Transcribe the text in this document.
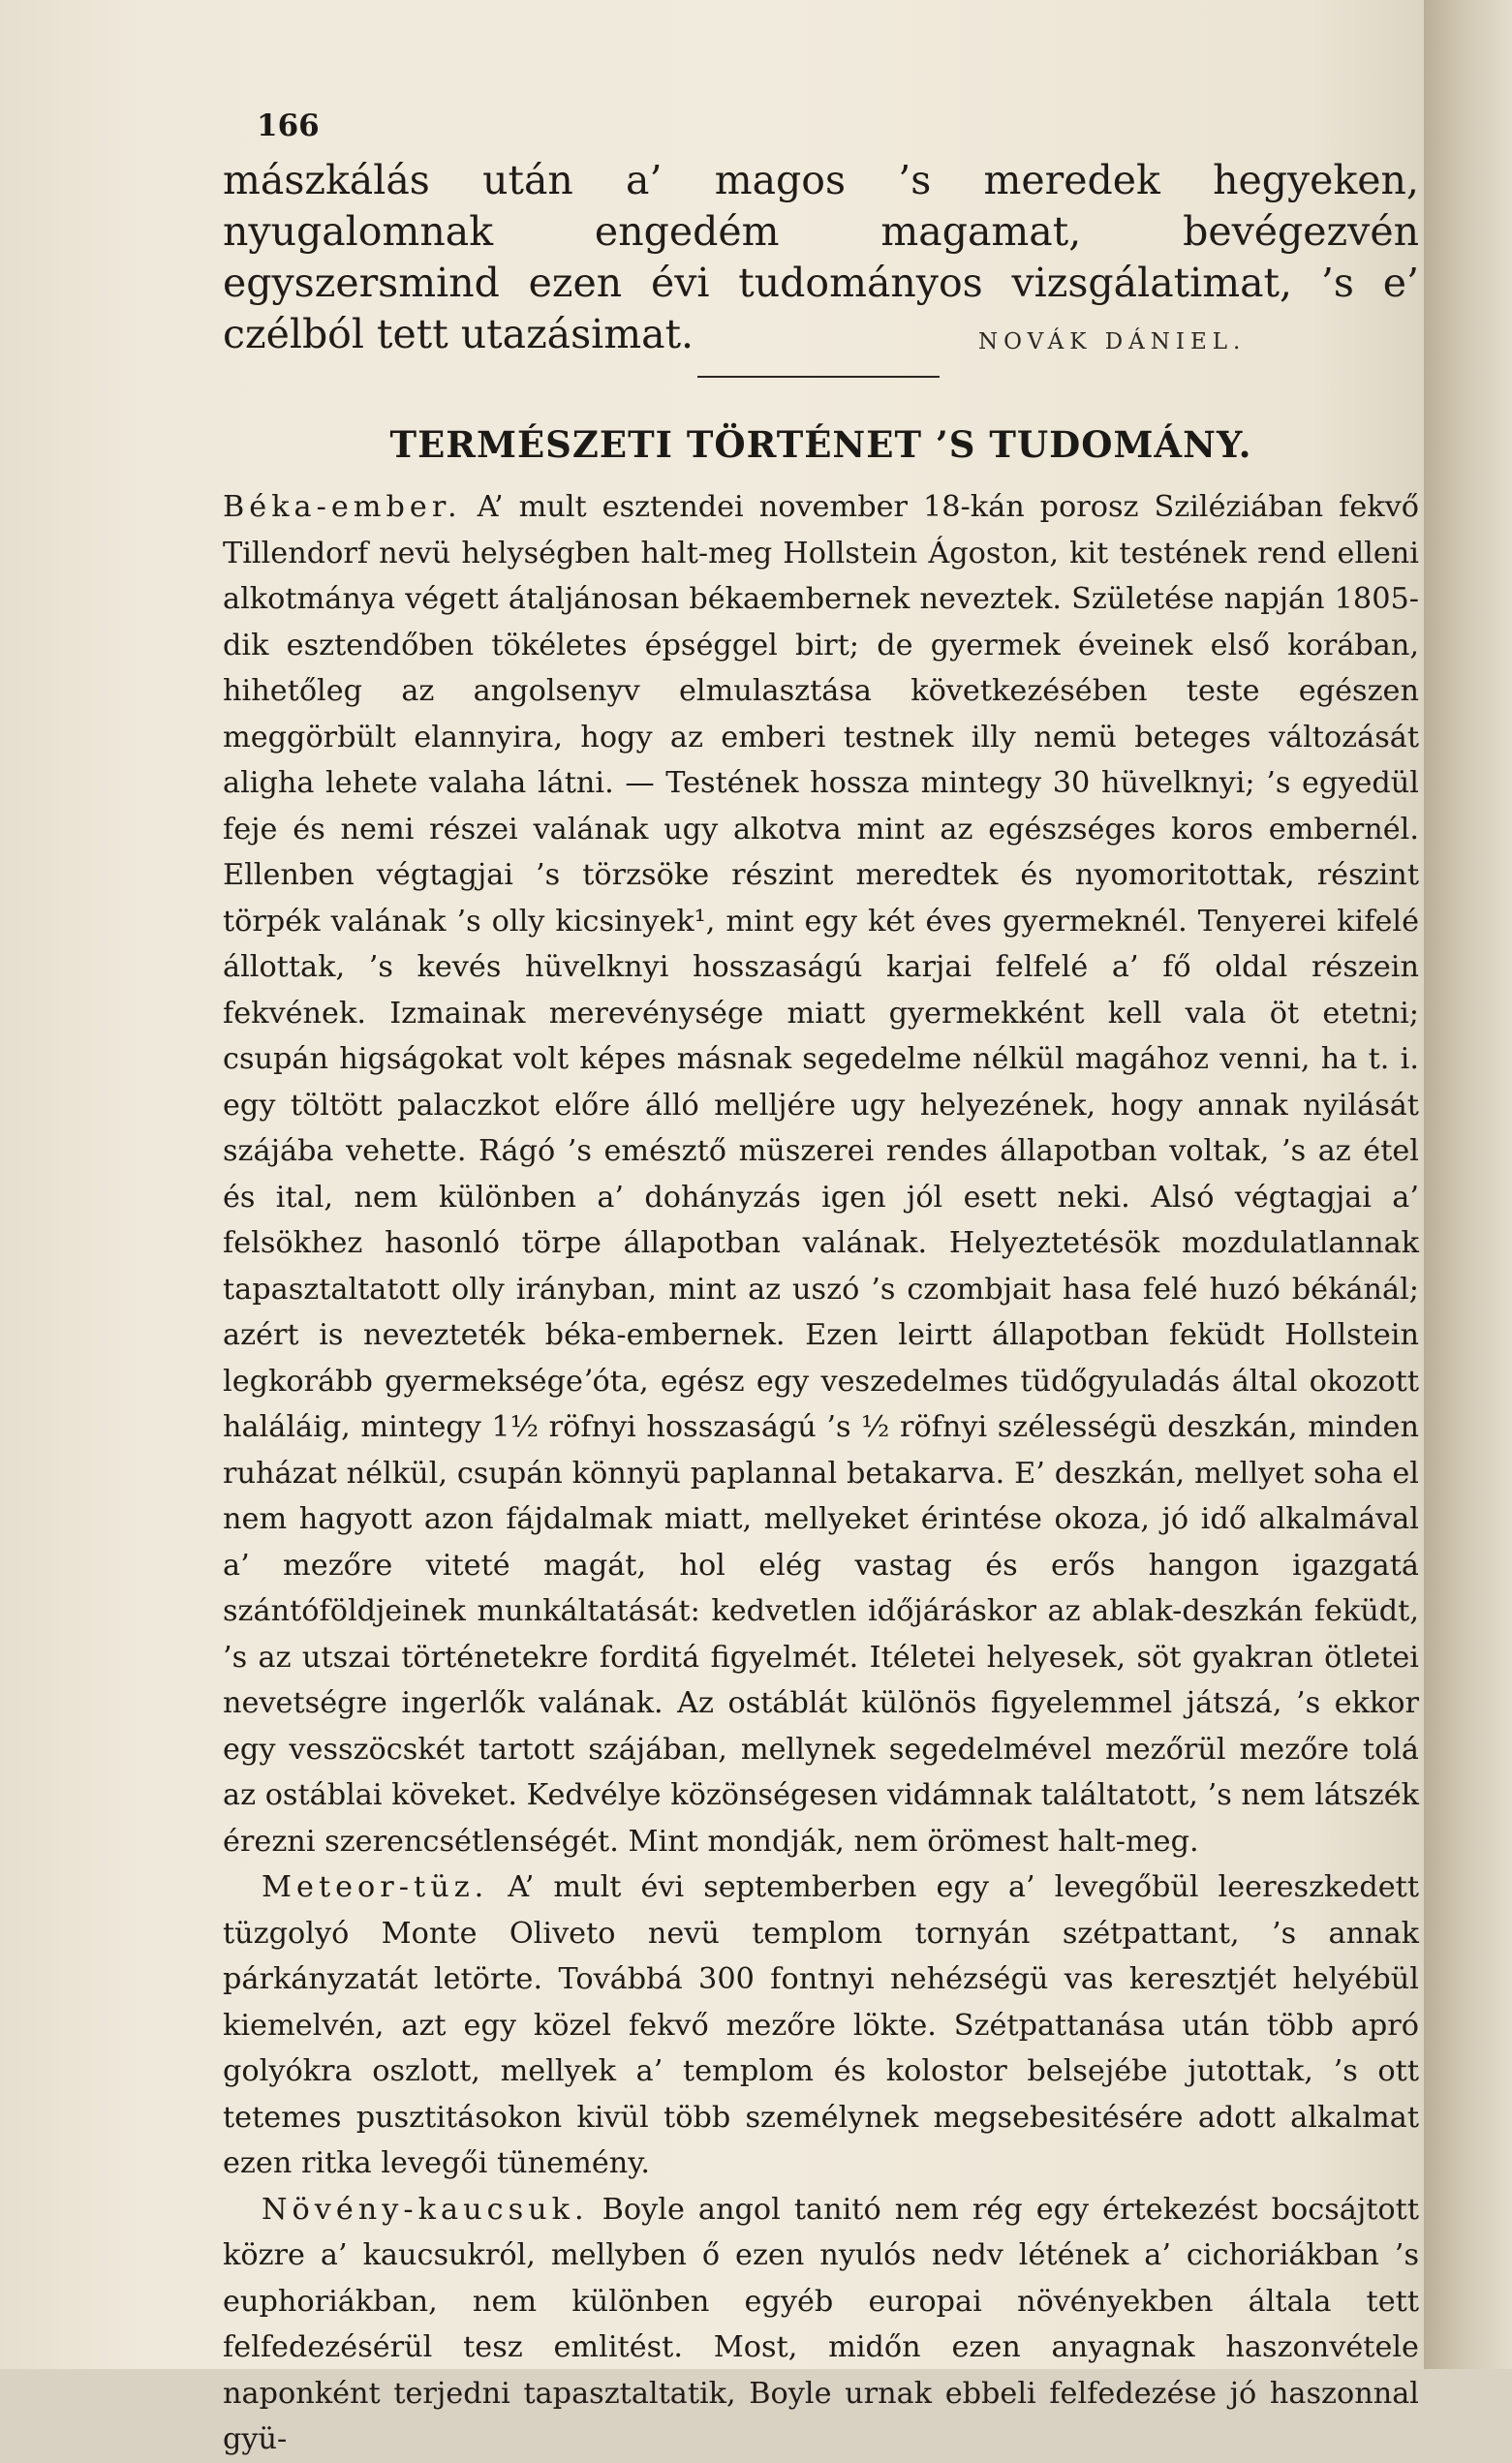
166

mászkálás után a’ magos ’s meredek hegyeken, nyugalomnak engedém magamat, bevégezvén egyszersmind ezen évi tudományos vizsgálatimat, ’s e’ czélból tett utazásimat.	NOVÁK DÁNIEL.
TERMÉSZETI TÖRTÉNET ’S TUDOMÁNY.

Béka-ember. A’ mult esztendei november 18-kán porosz Sziléziában fekvő Tillendorf nevü helységben halt-meg Hollstein Ágoston, kit testének rend elleni alkotmánya végett átaljánosan békaembernek neveztek. Születése napján 1805-dik esztendőben tökéletes épséggel birt; de gyermek éveinek első korában, hihetőleg az angolsenyv elmulasztása következésében teste egészen meggörbült elannyira, hogy az emberi testnek illy nemü beteges változását aligha lehete valaha látni. — Testének hossza mintegy 30 hüvelknyi; ’s egyedül feje és nemi részei valának ugy alkotva mint az egészséges koros embernél. Ellenben végtagjai ’s törzsöke részint meredtek és nyomoritottak, részint törpék valának ’s olly kicsinyek¹, mint egy két éves gyermeknél. Tenyerei kifelé állottak, ’s kevés hüvelknyi hosszaságú karjai felfelé a’ fő oldal részein fekvének. Izmainak merevénysége miatt gyermekként kell vala öt etetni; csupán higságokat volt képes másnak segedelme nélkül magához venni, ha t. i. egy töltött palaczkot előre álló melljére ugy helyezének, hogy annak nyilását szájába vehette. Rágó ’s emésztő müszerei rendes állapotban voltak, ’s az étel és ital, nem különben a’ dohányzás igen jól esett neki. Alsó végtagjai a’ felsökhez hasonló törpe állapotban valának. Helyeztetésök mozdulatlannak tapasztaltatott olly irányban, mint az uszó ’s czombjait hasa felé huzó békánál; azért is nevezteték béka-embernek. Ezen leirtt állapotban feküdt Hollstein legkorább gyermekségeʼóta, egész egy veszedelmes tüdőgyuladás által okozott haláláig, mintegy 1½ röfnyi hosszaságú ’s ½ röfnyi szélességü deszkán, minden ruházat nélkül, csupán könnyü paplannal betakarva. E’ deszkán, mellyet soha el nem hagyott azon fájdalmak miatt, mellyeket érintése okoza, jó idő alkalmával a’ mezőre viteté magát, hol elég vastag és erős hangon igazgatá szántóföldjeinek munkáltatását: kedvetlen időjáráskor az ablak-deszkán feküdt, ’s az utszai történetekre forditá figyelmét. Itéletei helyesek, söt gyakran ötletei nevetségre ingerlők valának. Az ostáblát különös figyelemmel játszá, ’s ekkor egy vesszöcskét tartott szájában, mellynek segedelmével mezőrül mezőre tolá az ostáblai köveket. Kedvélye közönségesen vidámnak találtatott, ’s nem látszék érezni szerencsétlenségét. Mint mondják, nem örömest halt-meg.

Meteor-tüz. A’ mult évi septemberben egy a’ levegőbül leereszkedett tüzgolyó Monte Oliveto nevü templom tornyán szétpattant, ’s annak párkányzatát letörte. Továbbá 300 fontnyi nehézségü vas keresztjét helyébül kiemelvén, azt egy közel fekvő mezőre lökte. Szétpattanása után több apró golyókra oszlott, mellyek a’ templom és kolostor belsejébe jutottak, ’s ott tetemes pusztitásokon kivül több személynek megsebesitésére adott alkalmat ezen ritka levegői tünemény.

Növény-kaucsuk. Boyle angol tanitó nem rég egy értekezést bocsájtott közre a’ kaucsukról, mellyben ő ezen nyulós nedv létének a’ cichoriákban ’s euphoriákban, nem különben egyéb europai növényekben általa tett felfedezésérül tesz emlitést. Most, midőn ezen anyagnak haszonvétele naponként terjedni tapasztaltatik, Boyle urnak ebbeli felfedezése jó haszonnal gyü-
